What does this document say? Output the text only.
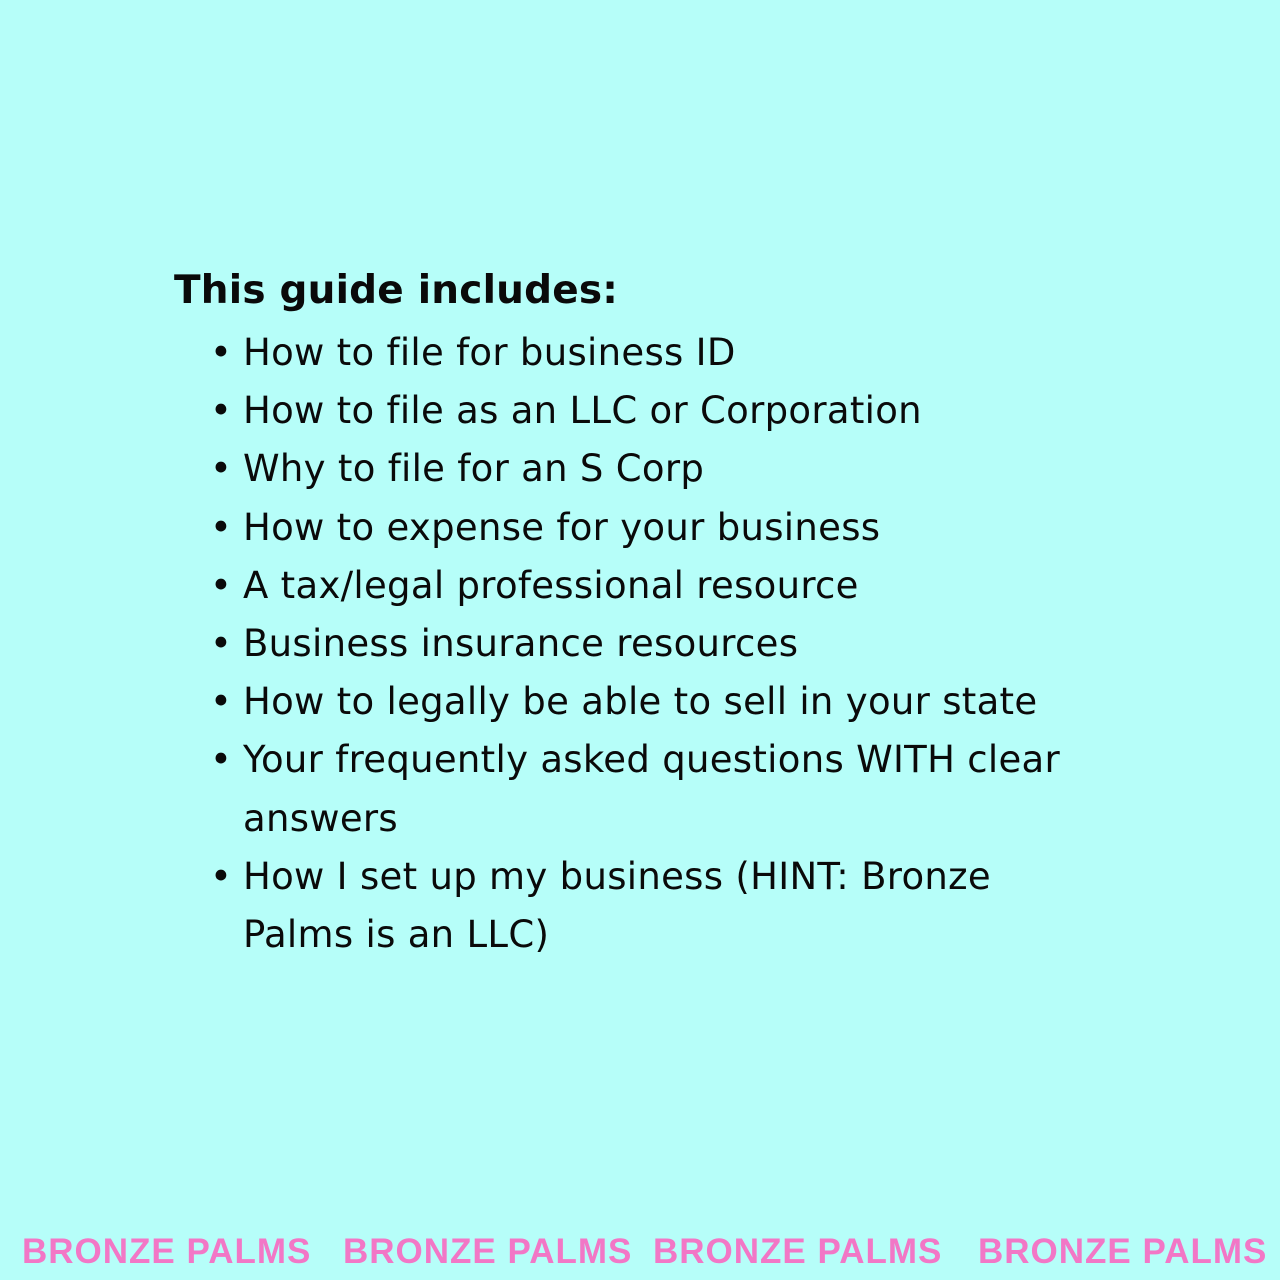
This guide includes:
• How to file for business ID
• How to file as an LLC or Corporation
• Why to file for an S Corp
• How to expense for your business
• A tax/legal professional resource
• Business insurance resources
• How to legally be able to sell in your state
• Your frequently asked questions WITH clear answers
• How I set up my business (HINT: Bronze Palms is an LLC)
BRONZE PALMS BRONZE PALMS BRONZE PALMS BRONZE PALMS
